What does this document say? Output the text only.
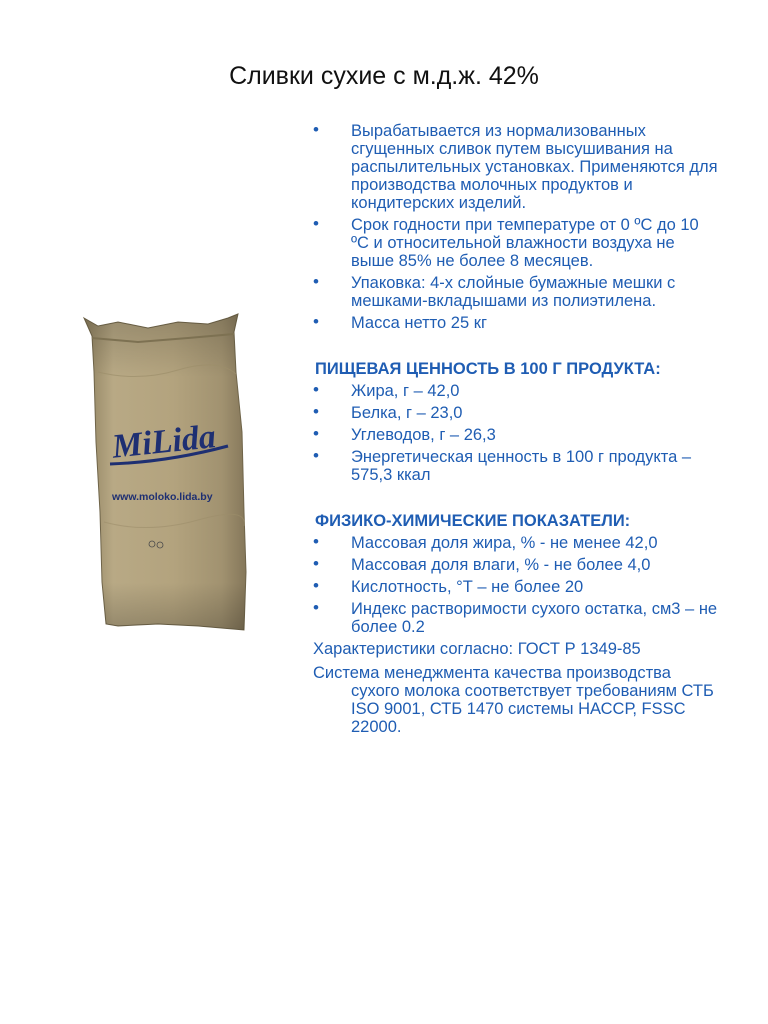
Сливки сухие с м.д.ж. 42%
MiLida
www.moloko.lida.by
• Вырабатывается из нормализованных сгущенных сливок путем высушивания на распылительных установках. Применяются для производства молочных продуктов и кондитерских изделий.
• Срок годности при температуре от 0 ºС до 10 ºС и относительной влажности воздуха не выше 85% не более 8 месяцев.
• Упаковка: 4-х слойные бумажные мешки с мешками-вкладышами из полиэтилена.
• Масса нетто 25 кг
ПИЩЕВАЯ ЦЕННОСТЬ В 100 Г ПРОДУКТА:
• Жира, г – 42,0
• Белка, г – 23,0
• Углеводов, г – 26,3
• Энергетическая ценность в 100 г продукта – 575,3 ккал
ФИЗИКО-ХИМИЧЕСКИЕ ПОКАЗАТЕЛИ:
• Массовая доля жира, % - не менее 42,0
• Массовая доля влаги, % - не более 4,0
• Кислотность, °Т – не более 20
• Индекс растворимости сухого остатка, см3 – не более 0.2
Характеристики согласно: ГОСТ Р 1349-85
Система менеджмента качества производства сухого молока соответствует требованиям СТБ ISO 9001, СТБ 1470 системы НАССР, FSSC 22000.
